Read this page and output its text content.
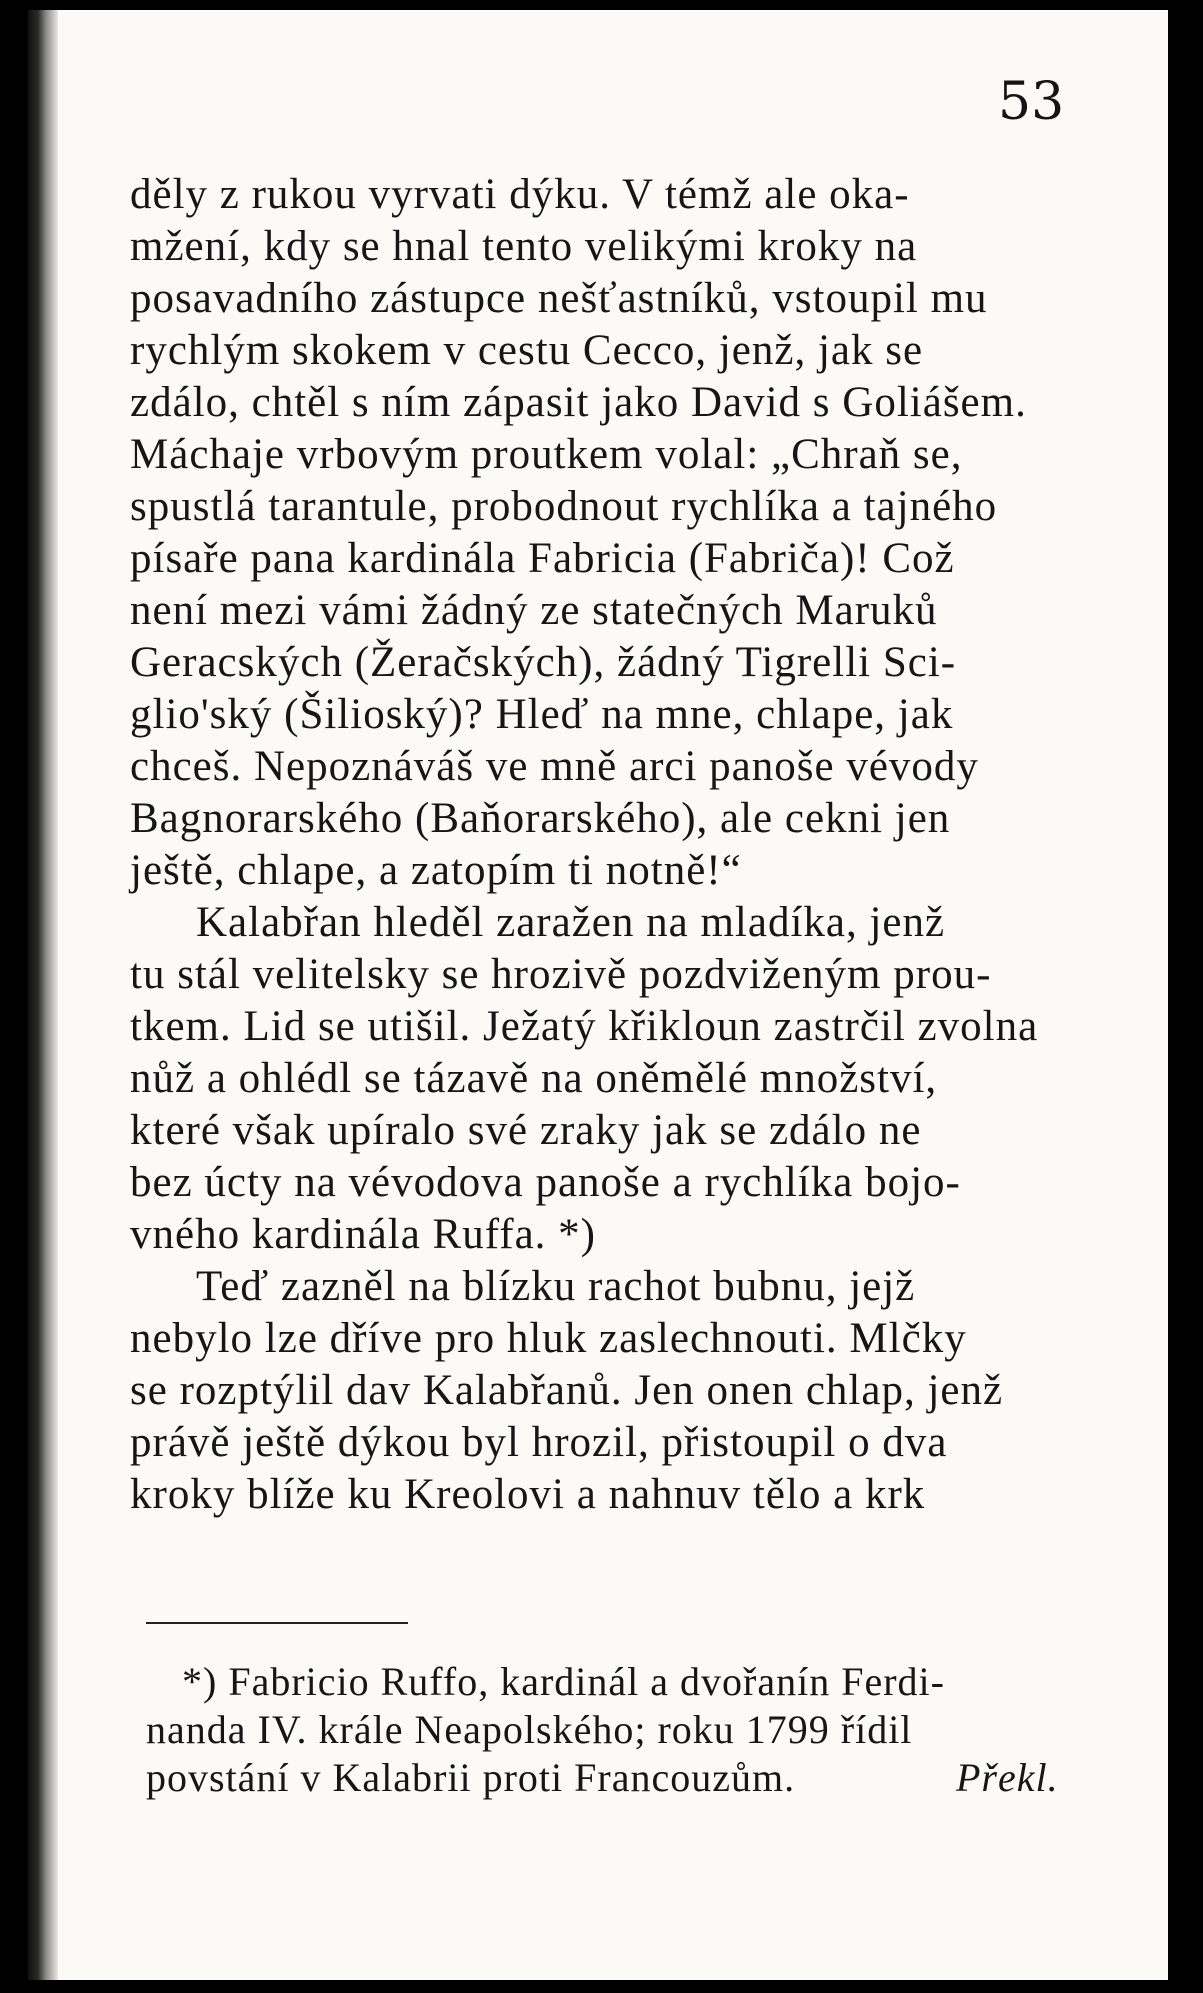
53
děly z rukou vyrvati dýku. V témž ale oka-
mžení, kdy se hnal tento velikými kroky na
posavadního zástupce nešťastníků, vstoupil mu
rychlým skokem v cestu Cecco, jenž, jak se
zdálo, chtěl s ním zápasit jako David s Goliášem.
Máchaje vrbovým proutkem volal: „Chraň se,
spustlá tarantule, probodnout rychlíka a tajného
písaře pana kardinála Fabricia (Fabriča)! Což
není mezi vámi žádný ze statečných Maruků
Geracských (Žeračských), žádný Tigrelli Sci-
glio'ský (Šilioský)? Hleď na mne, chlape, jak
chceš. Nepoznáváš ve mně arci panoše vévody
Bagnorarského (Baňorarského), ale cekni jen
ještě, chlape, a zatopím ti notně!“
Kalabřan hleděl zaražen na mladíka, jenž
tu stál velitelsky se hrozivě pozdviženým prou-
tkem. Lid se utišil. Ježatý křikloun zastrčil zvolna
nůž a ohlédl se tázavě na oněmělé množství,
které však upíralo své zraky jak se zdálo ne
bez úcty na vévodova panoše a rychlíka bojo-
vného kardinála Ruffa. *)
Teď zazněl na blízku rachot bubnu, jejž
nebylo lze dříve pro hluk zaslechnouti. Mlčky
se rozptýlil dav Kalabřanů. Jen onen chlap, jenž
právě ještě dýkou byl hrozil, přistoupil o dva
kroky blíže ku Kreolovi a nahnuv tělo a krk
*) Fabricio Ruffo, kardinál a dvořanín Ferdi-
nanda IV. krále Neapolského; roku 1799 řídil
povstání v Kalabrii proti Francouzům.	Překl.
